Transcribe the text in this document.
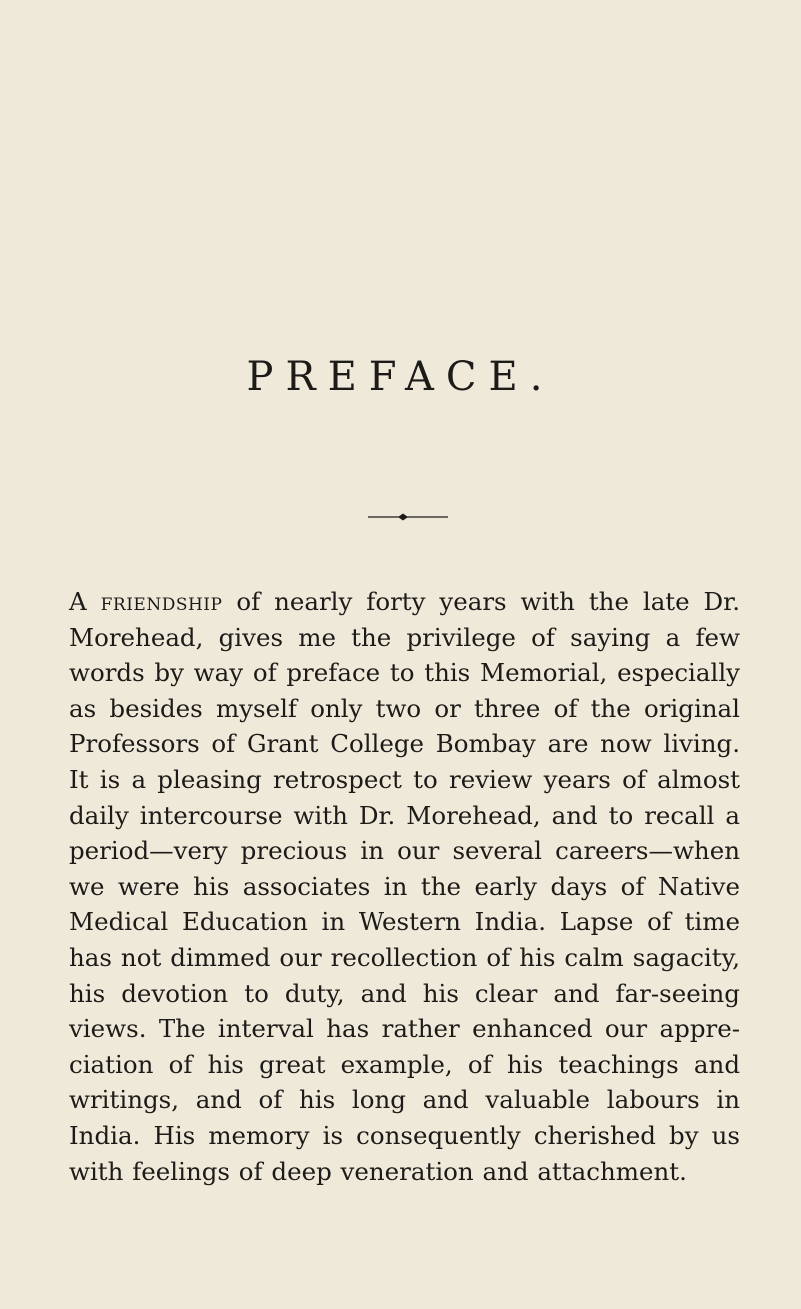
PREFACE.

A friendship of nearly forty years with the late Dr. Morehead, gives me the privilege of saying a few words by way of preface to this Memorial, especially as besides myself only two or three of the original Professors of Grant College Bombay are now living. It is a pleasing retrospect to review years of almost daily intercourse with Dr. Morehead, and to recall a period—very precious in our several careers—when we were his associates in the early days of Native Medical Education in Western India. Lapse of time has not dimmed our recollection of his calm sagacity, his devotion to duty, and his clear and far-seeing views. The interval has rather enhanced our appre-ciation of his great example, of his teachings and writings, and of his long and valuable labours in India. His memory is consequently cherished by us with feelings of deep veneration and attachment.
